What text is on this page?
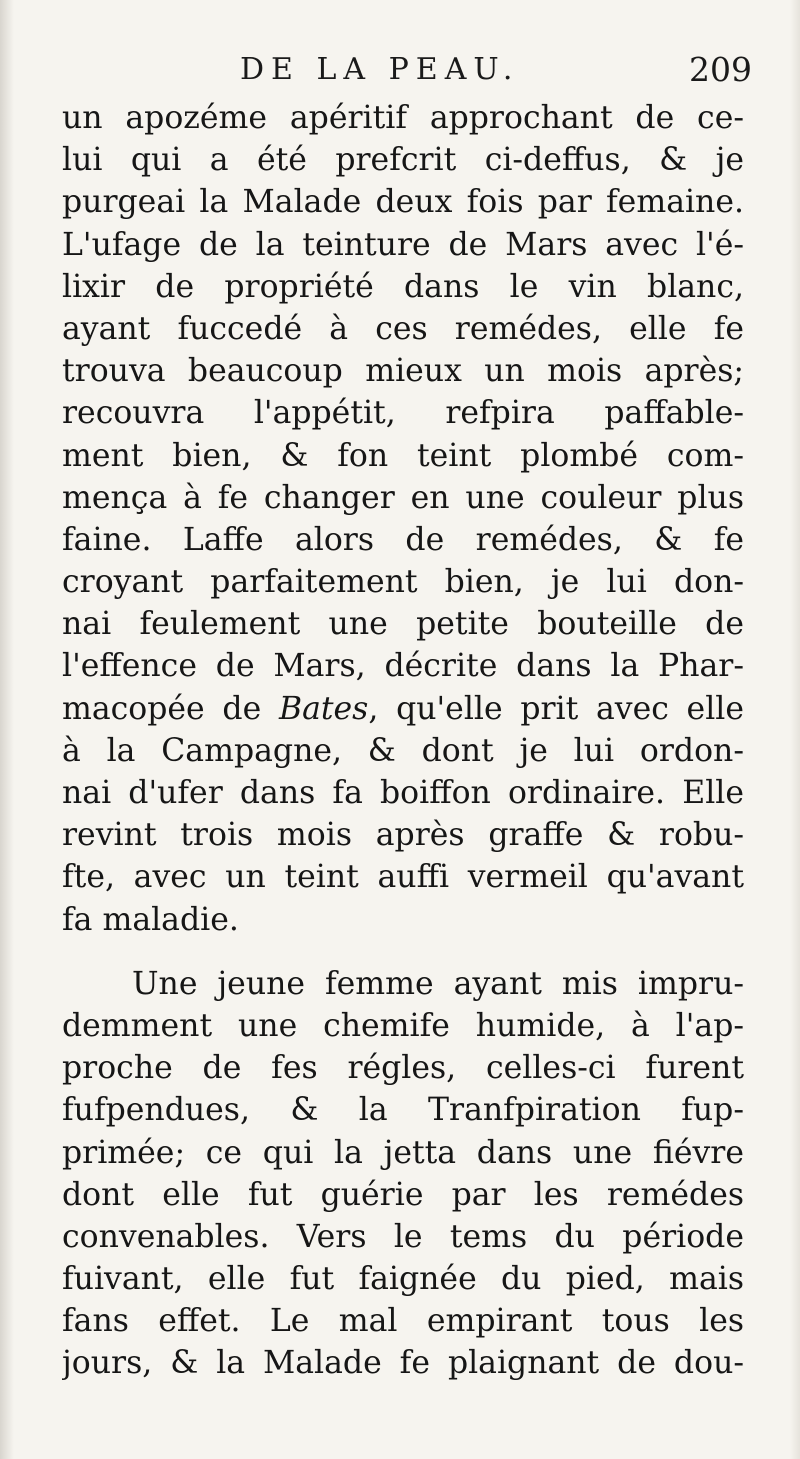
DE LA PEAU.	209
un apozéme apéritif approchant de ce-
lui qui a été prefcrit ci-deffus, & je
purgeai la Malade deux fois par femaine.
L'ufage de la teinture de Mars avec l'é-
lixir de propriété dans le vin blanc,
ayant fuccedé à ces remédes, elle fe
trouva beaucoup mieux un mois après;
recouvra l'appétit, refpira paffable-
ment bien, & fon teint plombé com-
mença à fe changer en une couleur plus
faine. Laffe alors de remédes, & fe
croyant parfaitement bien, je lui don-
nai feulement une petite bouteille de
l'effence de Mars, décrite dans la Phar-
macopée de Bates, qu'elle prit avec elle
à la Campagne, & dont je lui ordon-
nai d'ufer dans fa boiffon ordinaire. Elle
revint trois mois après graffe & robu-
fte, avec un teint auffi vermeil qu'avant
fa maladie.
Une jeune femme ayant mis impru-
demment une chemife humide, à l'ap-
proche de fes régles, celles-ci furent
fufpendues, & la Tranfpiration fup-
primée; ce qui la jetta dans une fiévre
dont elle fut guérie par les remédes
convenables. Vers le tems du période
fuivant, elle fut faignée du pied, mais
fans effet. Le mal empirant tous les
jours, & la Malade fe plaignant de dou-
